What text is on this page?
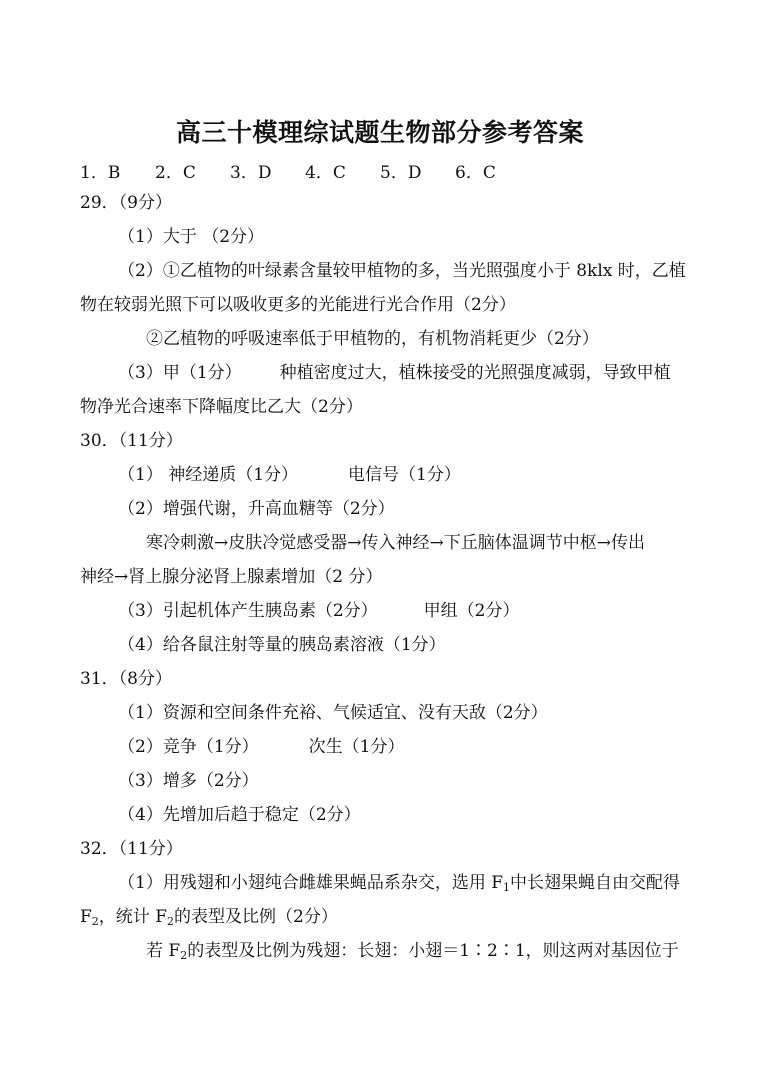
高三十模理综试题生物部分参考答案
1．B	2．C	3．D	4．C	5．D	6．C
29．（9分）
（1）大于 （2分）
（2）①乙植物的叶绿素含量较甲植物的多，当光照强度小于 8klx 时，乙植
物在较弱光照下可以吸收更多的光能进行光合作用（2分）
②乙植物的呼吸速率低于甲植物的，有机物消耗更少（2分）
（3）甲（1分） 种植密度过大，植株接受的光照强度减弱，导致甲植
物净光合速率下降幅度比乙大（2分）
30．（11分）
（1） 神经递质（1分）	电信号（1分）
（2）增强代谢，升高血糖等（2分）
寒冷刺激→皮肤冷觉感受器→传入神经→下丘脑体温调节中枢→传出
神经→肾上腺分泌肾上腺素增加（2 分）
（3）引起机体产生胰岛素（2分）	甲组（2分）
（4）给各鼠注射等量的胰岛素溶液（1分）
31．（8分）
（1）资源和空间条件充裕、气候适宜、没有天敌（2分）
（2）竞争（1分）	次生（1分）
（3）增多（2分）
（4）先增加后趋于稳定（2分）
32．（11分）
（1）用残翅和小翅纯合雌雄果蝇品系杂交，选用 $F_1$中长翅果蝇自由交配得
$F_2$，统计 $F_2$的表型及比例（2分）
若 $F_2$的表型及比例为残翅：长翅：小翅＝1∶2∶1，则这两对基因位于
